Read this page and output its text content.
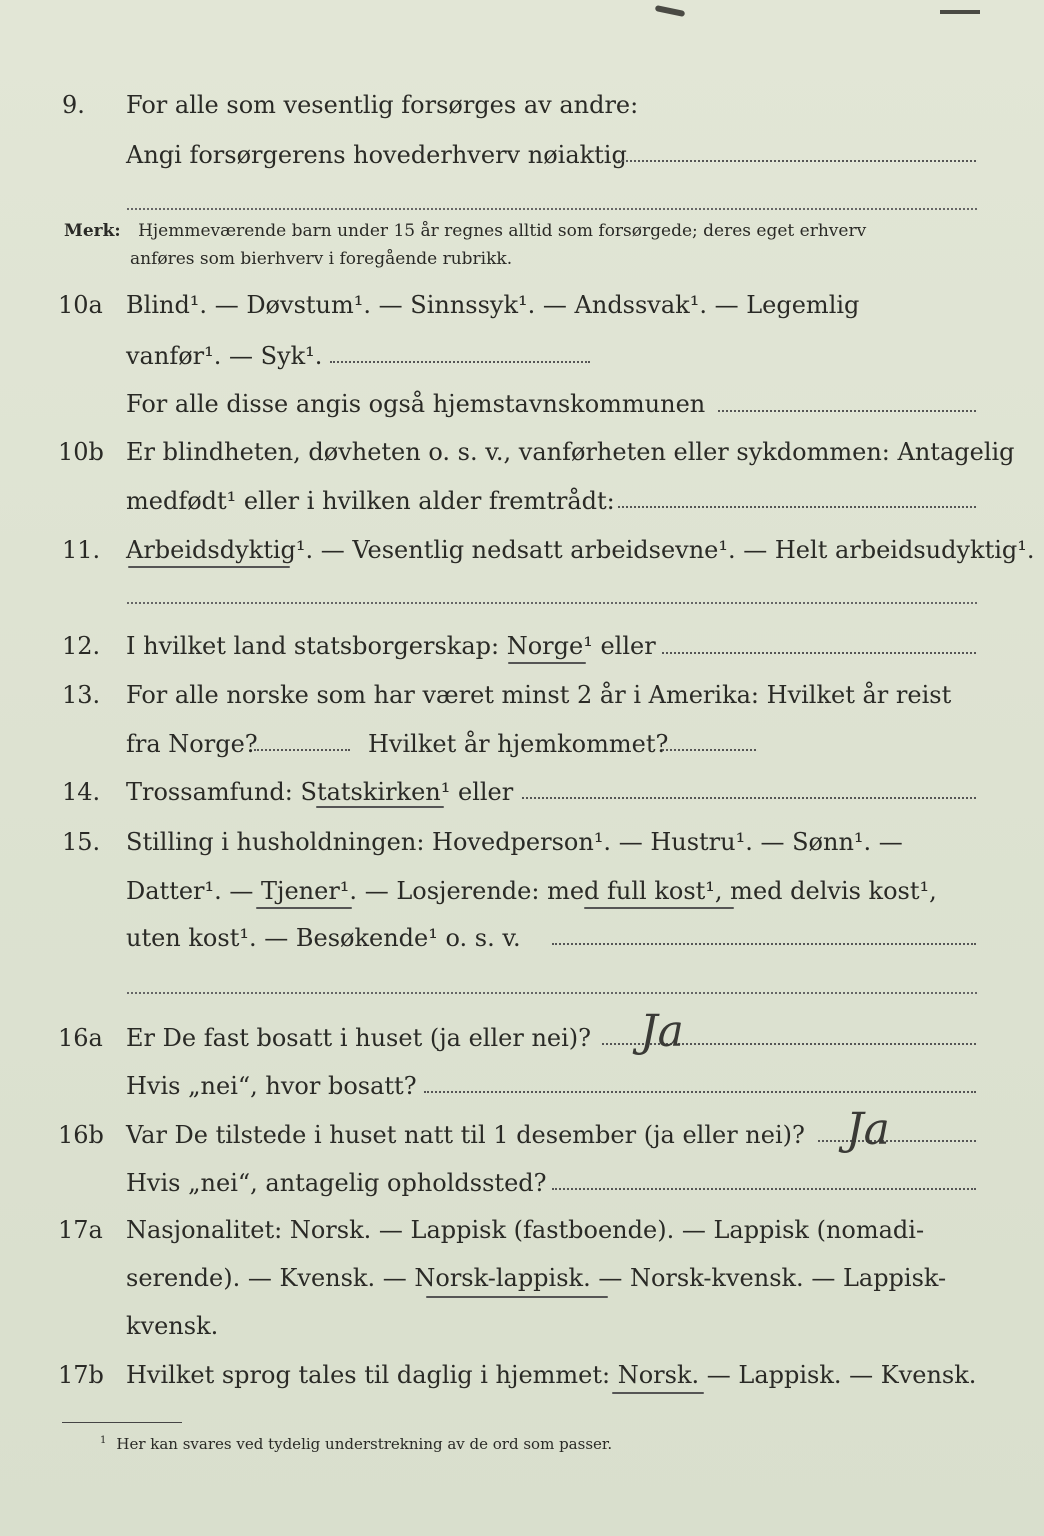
9. For alle som vesentlig forsørges av andre:
Angi forsørgerens hovederhverv nøiaktig
Merk: Hjemmeværende barn under 15 år regnes alltid som forsørgede; deres eget erhverv
anføres som bierhverv i foregående rubrikk.
10a Blind¹. — Døvstum¹. — Sinnssyk¹. — Andssvak¹. — Legemlig
vanfør¹. — Syk¹.
For alle disse angis også hjemstavnskommunen
10b Er blindheten, døvheten o. s. v., vanførheten eller sykdommen: Antagelig
medfødt¹ eller i hvilken alder fremtrådt:
11. Arbeidsdyktig¹. — Vesentlig nedsatt arbeidsevne¹. — Helt arbeidsudyktig¹.
12. I hvilket land statsborgerskap: Norge¹ eller
13. For alle norske som har været minst 2 år i Amerika: Hvilket år reist
fra Norge?	Hvilket år hjemkommet?
14. Trossamfund: Statskirken¹ eller
15. Stilling i husholdningen: Hovedperson¹. — Hustru¹. — Sønn¹. —
Datter¹. — Tjener¹. — Losjerende: med full kost¹, med delvis kost¹,
uten kost¹. — Besøkende¹ o. s. v.
16a Er De fast bosatt i huset (ja eller nei)? Ja
Hvis „nei“, hvor bosatt?
16b Var De tilstede i huset natt til 1 desember (ja eller nei)? Ja
Hvis „nei“, antagelig opholdssted?
17a Nasjonalitet: Norsk. — Lappisk (fastboende). — Lappisk (nomadi-
serende). — Kvensk. — Norsk-lappisk. — Norsk-kvensk. — Lappisk-
kvensk.
17b Hvilket sprog tales til daglig i hjemmet: Norsk. — Lappisk. — Kvensk.
$^1$ Her kan svares ved tydelig understrekning av de ord som passer.
